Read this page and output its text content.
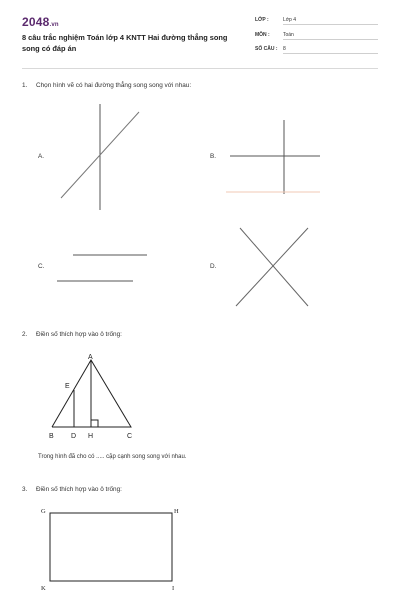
2048.vn
8 câu trắc nghiệm Toán lớp 4 KNTT Hai đường thẳng song song có đáp án
LỚP :	Lớp 4
MÔN :	Toán
SỐ CÂU : 8
1. Chọn hình vẽ có hai đường thẳng song song với nhau:
A.	B.
C.	D.
2. Điền số thích hợp vào ô trống:
A
E
B D H	C
Trong hình đã cho có ..... cặp cạnh song song với nhau.
3. Điền số thích hợp vào ô trống:
G	H
K	I
